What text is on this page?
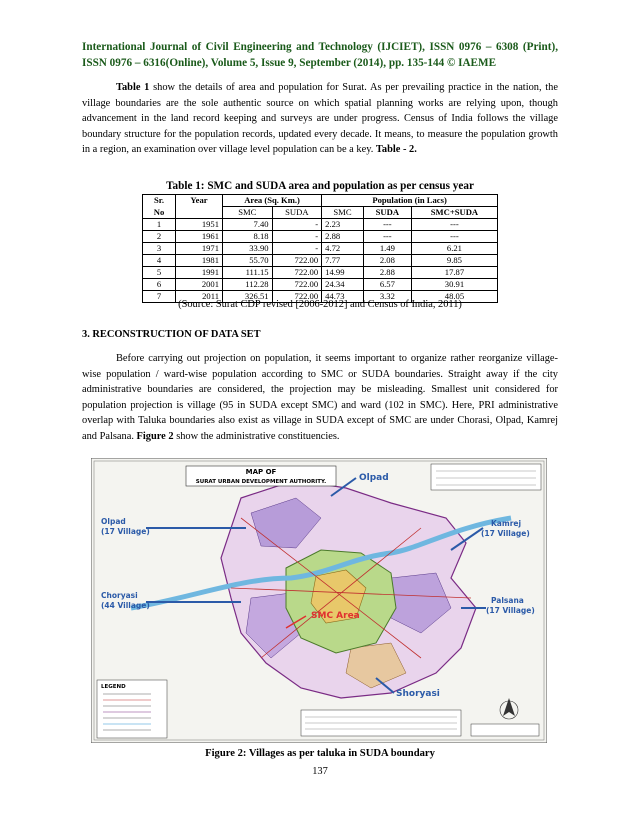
International Journal of Civil Engineering and Technology (IJCIET), ISSN 0976 – 6308 (Print), ISSN 0976 – 6316(Online), Volume 5, Issue 9, September (2014), pp. 135-144 © IAEME
Table 1 show the details of area and population for Surat. As per prevailing practice in the nation, the village boundaries are the sole authentic source on which spatial planning works are relying upon, though advancement in the land record keeping and surveys are under progress. Census of India follows the village boundary structure for the population records, updated every decade. It means, to measure the population growth in a region, an examination over village level population can be a key. Table - 2.
Table 1: SMC and SUDA area and population as per census year
Sr.	Year	Area (Sq. Km.)		Population (in Lacs)		
No		SMC	SUDA	SMC	SUDA	SMC+SUDA
1	1951	7.40	-	2.23	---	---
2	1961	8.18	-	2.88	---	---
3	1971	33.90	-	4.72	1.49	6.21
4	1981	55.70	722.00	7.77	2.08	9.85
5	1991	111.15	722.00	14.99	2.88	17.87
6	2001	112.28	722.00	24.34	6.57	30.91
7	2011	326.51	722.00	44.73	3.32	48.05
(Source: Surat CDP revised [2006-2012] and Census of India, 2011)
3. RECONSTRUCTION OF DATA SET
Before carrying out projection on population, it seems important to organize rather reorganize village-wise population / ward-wise population according to SMC or SUDA boundaries. Straight away if the city administrative boundaries are considered, the projection may be misleading. Smallest unit considered for population projection is village (95 in SUDA except SMC) and ward (102 in SMC). Here, PRI administrative overlap with Taluka boundaries also exist as village in SUDA except of SMC are under Chorasi, Olpad, Kamrej and Palsana. Figure 2 show the administrative constituencies.
MAP OF
SURAT URBAN DEVELOPMENT AUTHORITY.	Olpad
Olpad
(17 Village)
Kamrej
(17 Village)
Choryasi
(44 Village)
Palsana
(17 Village)
SMC Area
Shoryasi
LEGEND
Figure 2: Villages as per taluka in SUDA boundary
137
